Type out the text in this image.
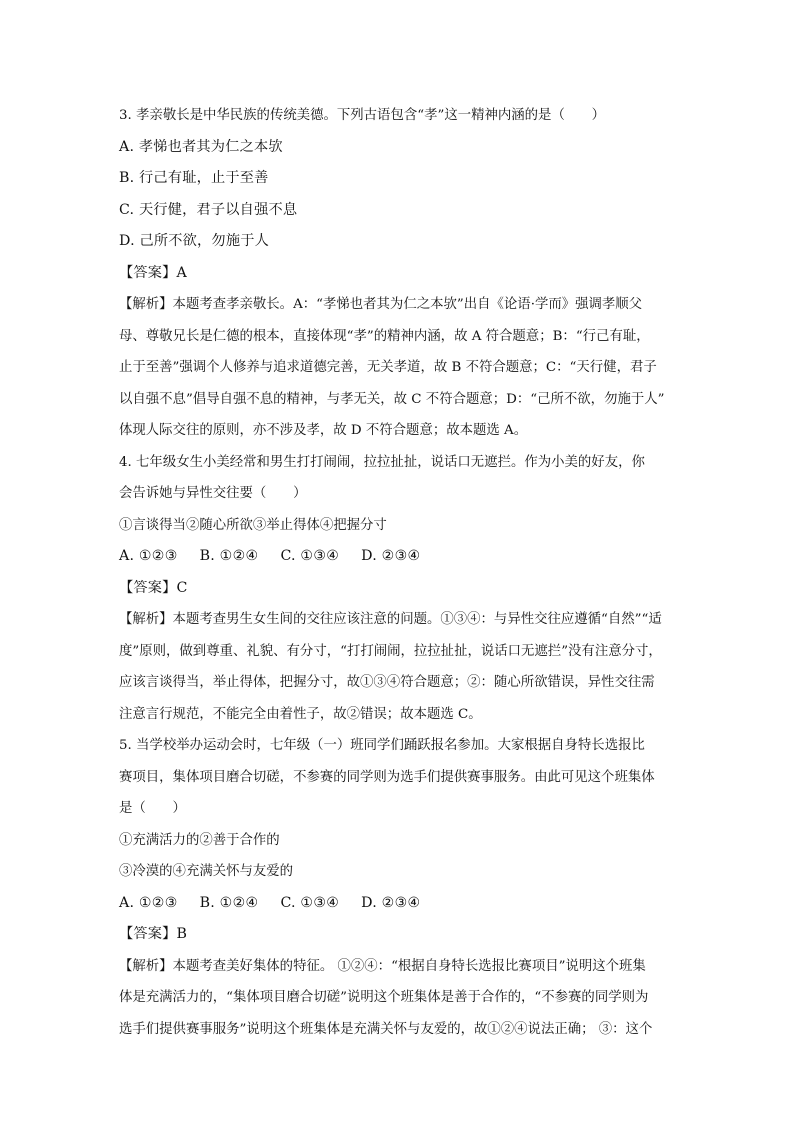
3. 孝亲敬长是中华民族的传统美德。下列古语包含“孝”这一精神内涵的是（　　）
A. 孝悌也者其为仁之本欤
B. 行己有耻，止于至善
C. 天行健，君子以自强不息
D. 己所不欲，勿施于人
【答案】A
【解析】本题考查孝亲敬长。A：“孝悌也者其为仁之本欤”出自《论语·学而》强调孝顺父
母、尊敬兄长是仁德的根本，直接体现“孝”的精神内涵，故 A 符合题意；B：“行己有耻，
止于至善”强调个人修养与追求道德完善，无关孝道，故 B 不符合题意；C：“天行健，君子
以自强不息”倡导自强不息的精神，与孝无关，故 C 不符合题意；D：“己所不欲，勿施于人”
体现人际交往的原则，亦不涉及孝，故 D 不符合题意；故本题选 A。
4. 七年级女生小美经常和男生打打闹闹，拉拉扯扯，说话口无遮拦。作为小美的好友，你
会告诉她与异性交往要（　　）
①言谈得当②随心所欲③举止得体④把握分寸
A. ①②③ B. ①②④ C. ①③④ D. ②③④
【答案】C
【解析】本题考查男生女生间的交往应该注意的问题。①③④：与异性交往应遵循“自然”“适
度”原则，做到尊重、礼貌、有分寸，“打打闹闹，拉拉扯扯，说话口无遮拦”没有注意分寸，
应该言谈得当，举止得体，把握分寸，故①③④符合题意；②：随心所欲错误，异性交往需
注意言行规范，不能完全由着性子，故②错误；故本题选 C。
5. 当学校举办运动会时，七年级（一）班同学们踊跃报名参加。大家根据自身特长选报比
赛项目，集体项目磨合切磋，不参赛的同学则为选手们提供赛事服务。由此可见这个班集体
是（　　）
①充满活力的②善于合作的
③冷漠的④充满关怀与友爱的
A. ①②③ B. ①②④ C. ①③④ D. ②③④
【答案】B
【解析】本题考查美好集体的特征。 ①②④：“根据自身特长选报比赛项目”说明这个班集
体是充满活力的，“集体项目磨合切磋”说明这个班集体是善于合作的，“不参赛的同学则为
选手们提供赛事服务”说明这个班集体是充满关怀与友爱的，故①②④说法正确； ③：这个
